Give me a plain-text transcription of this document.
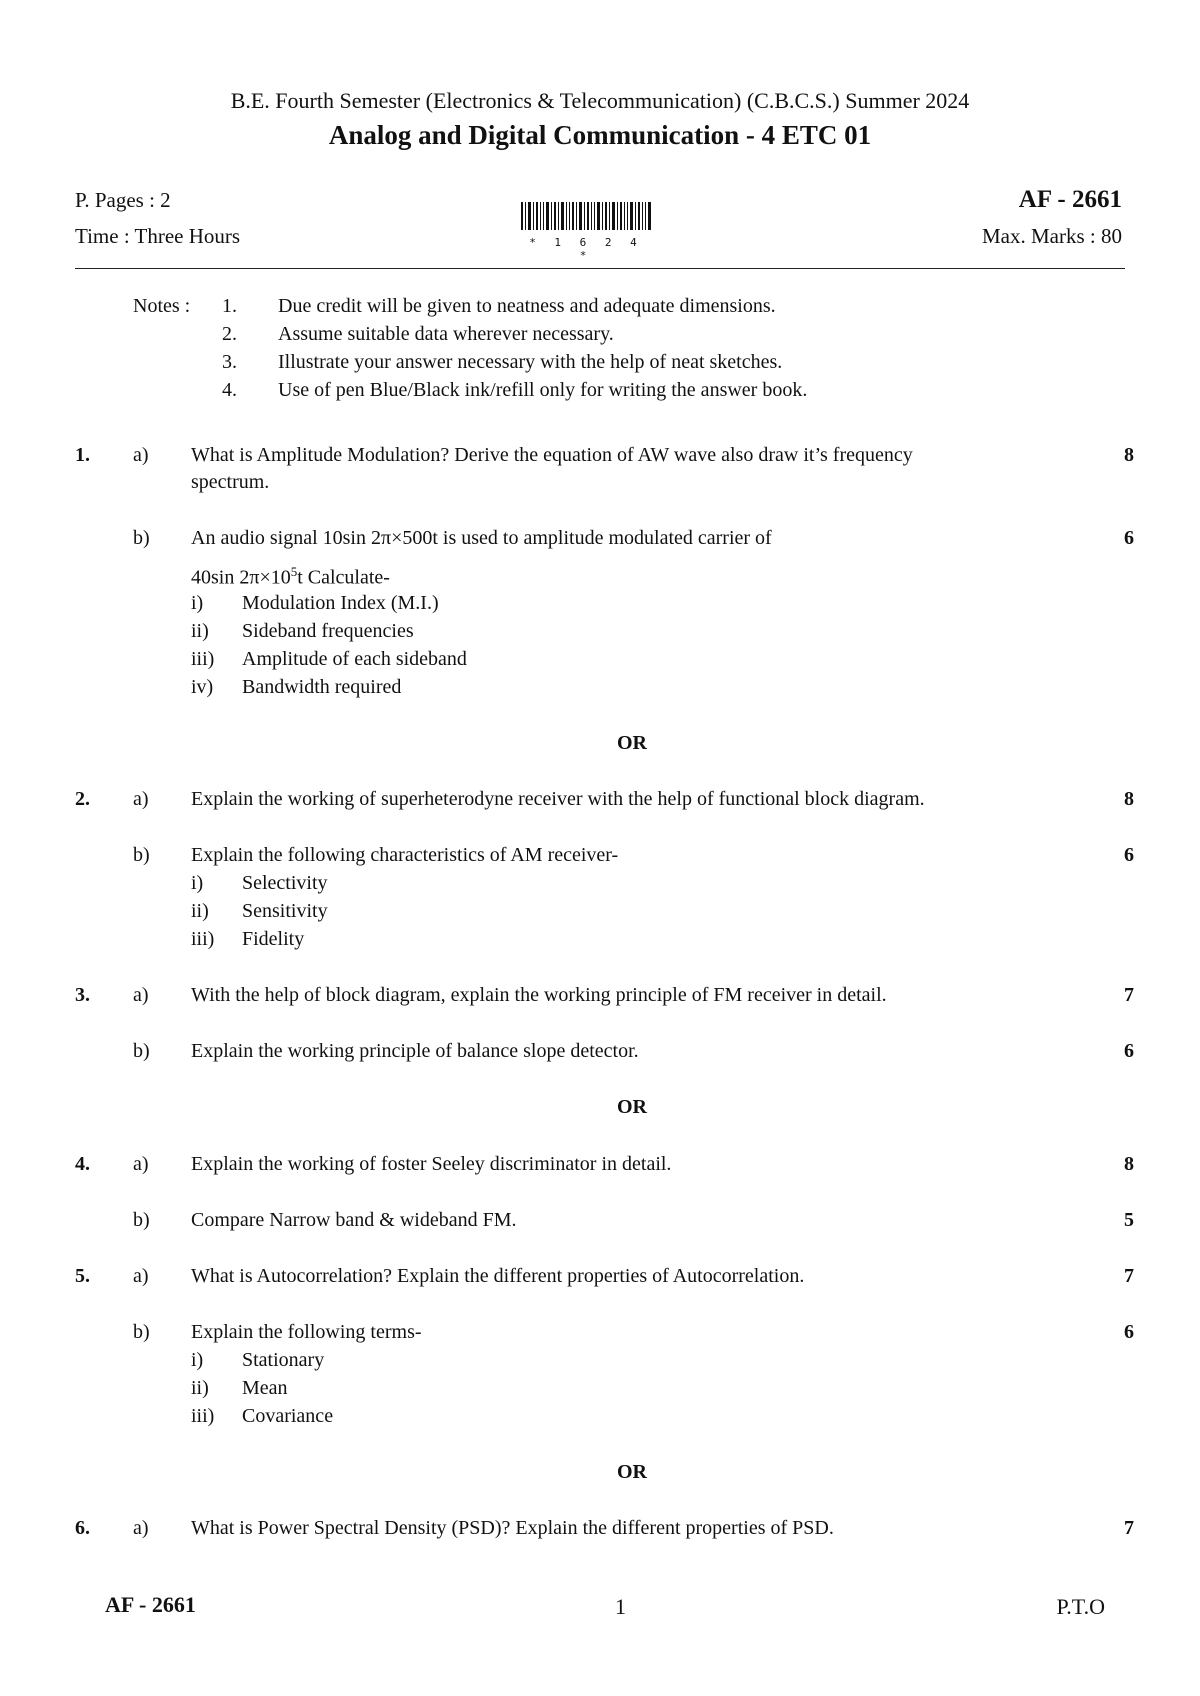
B.E. Fourth Semester (Electronics & Telecommunication) (C.B.C.S.) Summer 2024
Analog and Digital Communication - 4 ETC 01
P. Pages : 2
Time : Three Hours
AF - 2661
Max. Marks : 80
* 1 6 2 4 *
Notes : 1. Due credit will be given to neatness and adequate dimensions.
2. Assume suitable data wherever necessary.
3. Illustrate your answer necessary with the help of neat sketches.
4. Use of pen Blue/Black ink/refill only for writing the answer book.
1. a) What is Amplitude Modulation? Derive the equation of AW wave also draw it’s frequency
spectrum.
8
b) An audio signal 10sin 2π×500t is used to amplitude modulated carrier of
40sin $2\pi\times 10^5t$ Calculate-
6
i) Modulation Index (M.I.)
ii) Sideband frequencies
iii) Amplitude of each sideband
iv) Bandwidth required
OR
2. a) Explain the working of superheterodyne receiver with the help of functional block diagram.	8
b) Explain the following characteristics of AM receiver-	6
i) Selectivity
ii) Sensitivity
iii) Fidelity
3. a) With the help of block diagram, explain the working principle of FM receiver in detail.	7
b) Explain the working principle of balance slope detector.	6
OR
4. a) Explain the working of foster Seeley discriminator in detail.	8
b) Compare Narrow band & wideband FM.	5
5. a) What is Autocorrelation? Explain the different properties of Autocorrelation.	7
b) Explain the following terms-	6
i) Stationary
ii) Mean
iii) Covariance
OR
6. a) What is Power Spectral Density (PSD)? Explain the different properties of PSD.	7
AF - 2661	1	P.T.O
